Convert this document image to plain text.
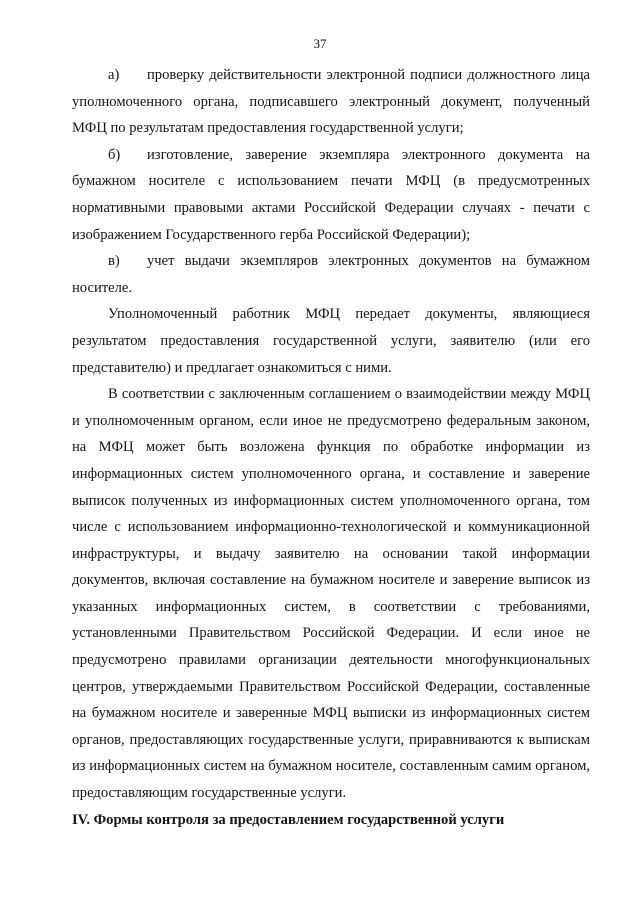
37

а) проверку действительности электронной подписи должностного лица уполномоченного органа, подписавшего электронный документ, полученный МФЦ по результатам предоставления государственной услуги;

б) изготовление, заверение экземпляра электронного документа на бумажном носителе с использованием печати МФЦ (в предусмотренных нормативными правовыми актами Российской Федерации случаях - печати с изображением Государственного герба Российской Федерации);

в) учет выдачи экземпляров электронных документов на бумажном носителе.

Уполномоченный работник МФЦ передает документы, являющиеся результатом предоставления государственной услуги, заявителю (или его представителю) и предлагает ознакомиться с ними.

В соответствии с заключенным соглашением о взаимодействии между МФЦ и уполномоченным органом, если иное не предусмотрено федеральным законом, на МФЦ может быть возложена функция по обработке информации из информационных систем уполномоченного органа, и составление и заверение выписок полученных из информационных систем уполномоченного органа, том числе с использованием информационно-технологической и коммуникационной инфраструктуры, и выдачу заявителю на основании такой информации документов, включая составление на бумажном носителе и заверение выписок из указанных информационных систем, в соответствии с требованиями, установленными Правительством Российской Федерации. И если иное не предусмотрено правилами организации деятельности многофункциональных центров, утверждаемыми Правительством Российской Федерации, составленные на бумажном носителе и заверенные МФЦ выписки из информационных систем органов, предоставляющих государственные услуги, приравниваются к выпискам из информационных систем на бумажном носителе, составленным самим органом, предоставляющим государственные услуги.

IV. Формы контроля за предоставлением государственной услуги
